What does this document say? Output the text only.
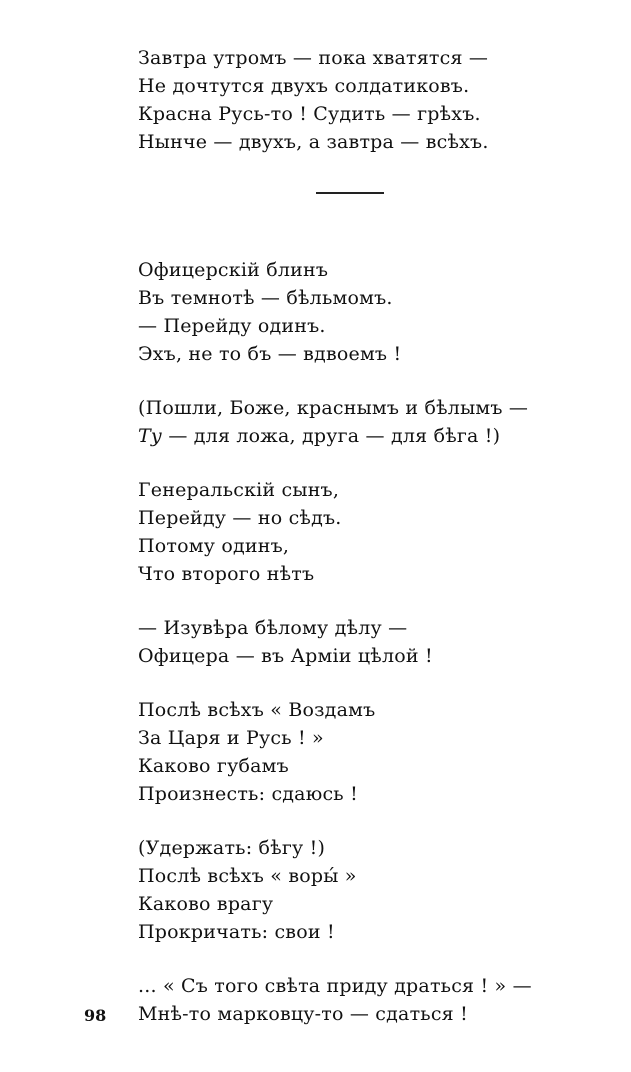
Завтра утромъ — пока хватятся —
Не дочтутся двухъ солдатиковъ.
Красна Русь-то ! Судить — грѣхъ.
Нынче — двухъ, а завтра — всѣхъ.
Офицерскій блинъ
Въ темнотѣ — бѣльмомъ.
— Перейду одинъ.
Эхъ, не то бъ — вдвоемъ !
(Пошли, Боже, краснымъ и бѣлымъ —
Ту — для ложа, друга — для бѣга !)
Генеральскій сынъ,
Перейду — но сѣдъ.
Потому одинъ,
Что второго нѣтъ
— Изувѣра бѣлому дѣлу —
Офицера — въ Арміи цѣлой !
Послѣ всѣхъ « Воздамъ
За Царя и Русь ! »
Каково губамъ
Произнесть: сдаюсь !
(Удержать: бѣгу !)
Послѣ всѣхъ « воры́ »
Каково врагу
Прокричать: свои !
... « Съ того свѣта приду драться ! » —
Мнѣ-то марковцу-то — сдаться !
98
